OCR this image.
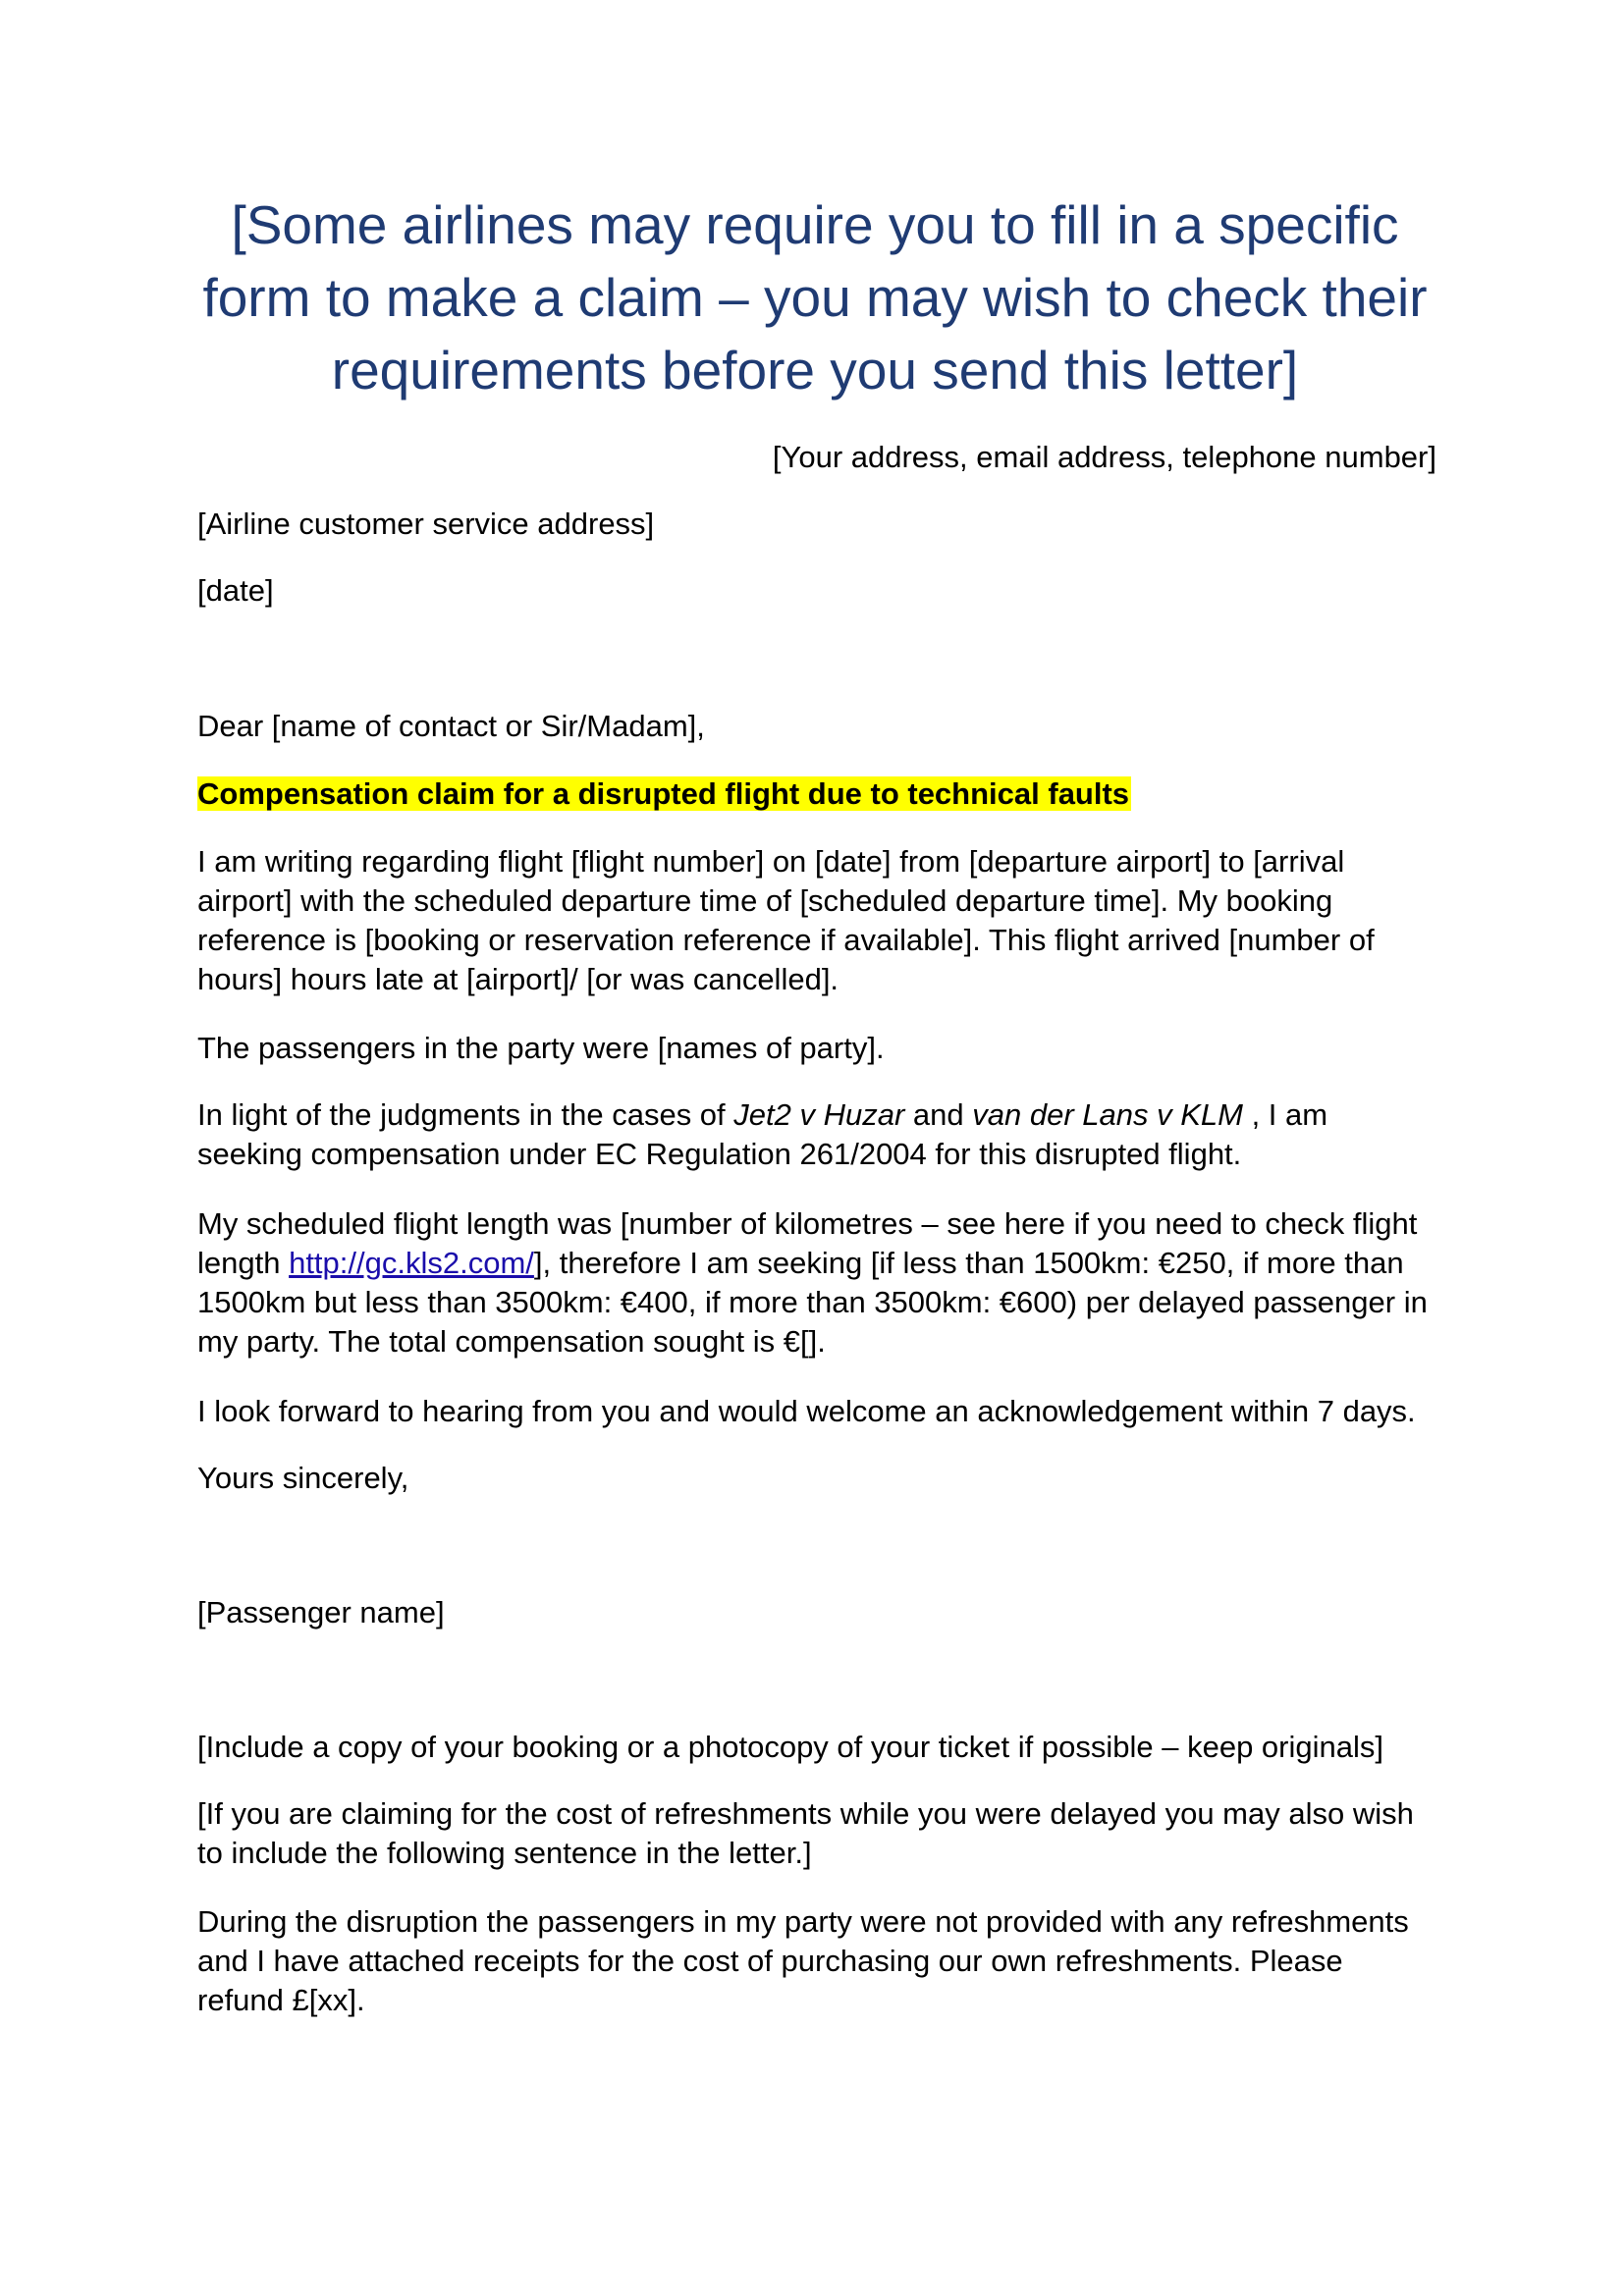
[Some airlines may require you to fill in a specific form to make a claim – you may wish to check their requirements before you send this letter]

[Your address, email address, telephone number]

[Airline customer service address]

[date]

Dear [name of contact or Sir/Madam],

Compensation claim for a disrupted flight due to technical faults

I am writing regarding flight [flight number] on [date] from [departure airport] to [arrival airport] with the scheduled departure time of [scheduled departure time]. My booking reference is [booking or reservation reference if available]. This flight arrived [number of hours] hours late at [airport]/ [or was cancelled].

The passengers in the party were [names of party].

In light of the judgments in the cases of Jet2 v Huzar and van der Lans v KLM , I am seeking compensation under EC Regulation 261/2004 for this disrupted flight.

My scheduled flight length was [number of kilometres – see here if you need to check flight length http://gc.kls2.com/], therefore I am seeking [if less than 1500km: €250, if more than 1500km but less than 3500km: €400, if more than 3500km: €600) per delayed passenger in my party. The total compensation sought is €[].

I look forward to hearing from you and would welcome an acknowledgement within 7 days.

Yours sincerely,

[Passenger name]

[Include a copy of your booking or a photocopy of your ticket if possible – keep originals]

[If you are claiming for the cost of refreshments while you were delayed you may also wish to include the following sentence in the letter.]

During the disruption the passengers in my party were not provided with any refreshments and I have attached receipts for the cost of purchasing our own refreshments. Please refund £[xx].
